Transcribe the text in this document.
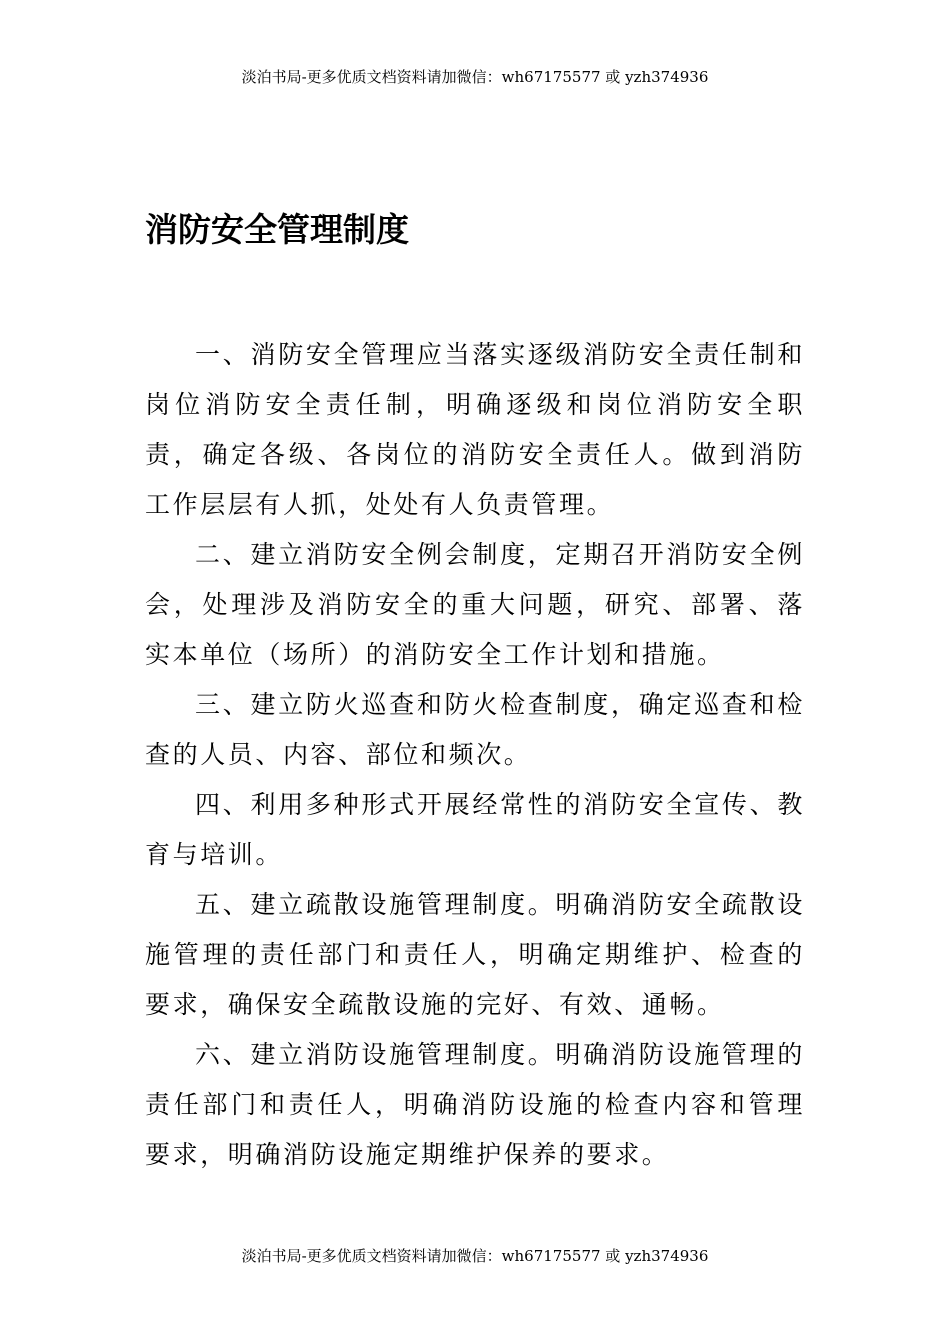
淡泊书局-更多优质文档资料请加微信：wh67175577 或 yzh374936
消防安全管理制度

一、消防安全管理应当落实逐级消防安全责任制和岗位消防安全责任制，明确逐级和岗位消防安全职责，确定各级、各岗位的消防安全责任人。做到消防工作层层有人抓，处处有人负责管理。

二、建立消防安全例会制度，定期召开消防安全例会，处理涉及消防安全的重大问题，研究、部署、落实本单位（场所）的消防安全工作计划和措施。

三、建立防火巡查和防火检查制度，确定巡查和检查的人员、内容、部位和频次。

四、利用多种形式开展经常性的消防安全宣传、教育与培训。

五、建立疏散设施管理制度。明确消防安全疏散设施管理的责任部门和责任人，明确定期维护、检查的要求，确保安全疏散设施的完好、有效、通畅。

六、建立消防设施管理制度。明确消防设施管理的责任部门和责任人，明确消防设施的检查内容和管理要求，明确消防设施定期维护保养的要求。

淡泊书局-更多优质文档资料请加微信：wh67175577 或 yzh374936
